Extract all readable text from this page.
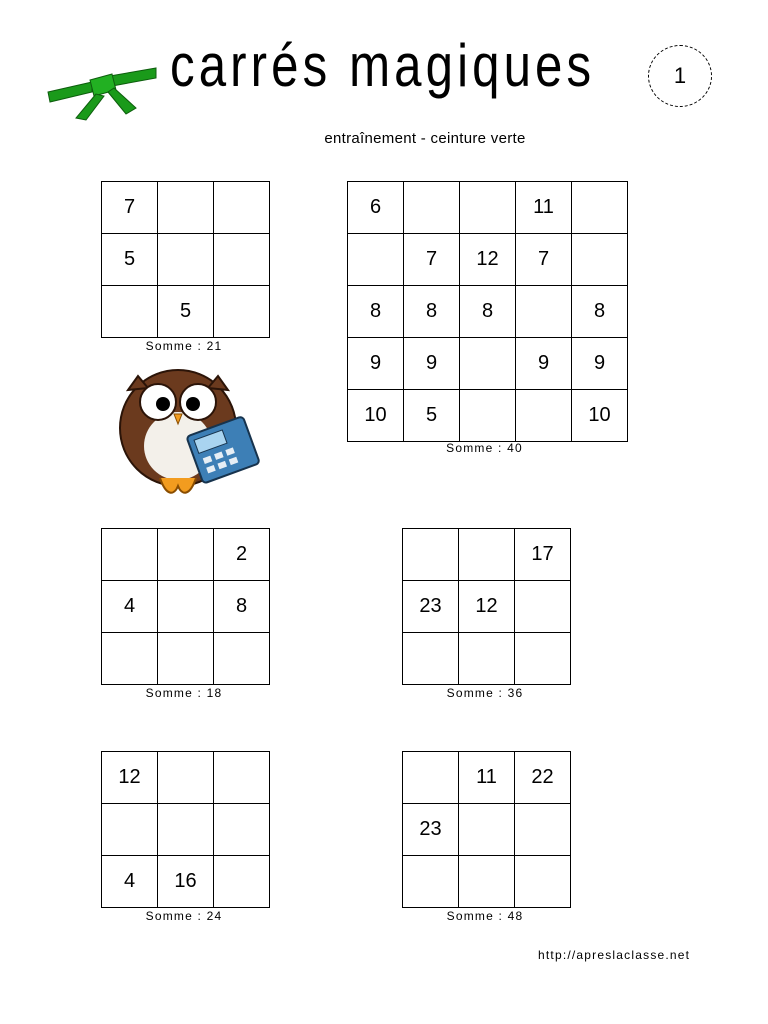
carrés magiques	1
entraînement - ceinture verte
7		
5		
	5	
Somme : 21
6			11	
	7	12	7	
8	8	8		8
9	9		9	9
10	5			10
Somme : 40
		2
4		8

Somme : 18
		17
23	12	

Somme : 36
12		

4	16	
Somme : 24
	11	22
23		

Somme : 48
http://apreslaclasse.net
